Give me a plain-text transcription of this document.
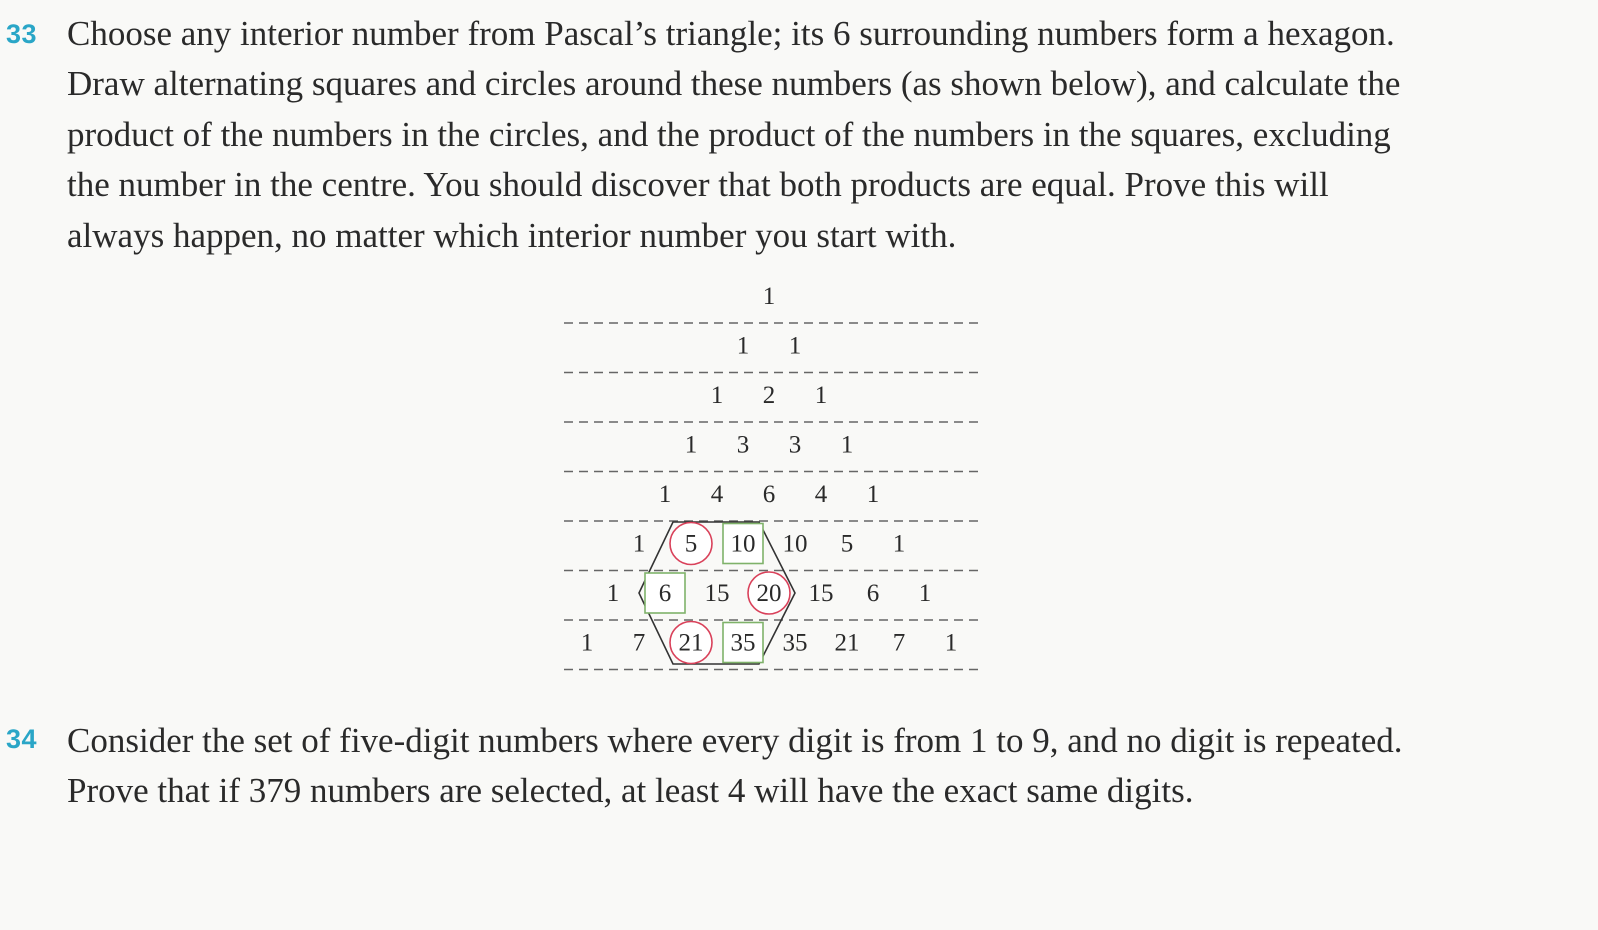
33 Choose any interior number from Pascal’s triangle; its 6 surrounding numbers form a hexagon.
Draw alternating squares and circles around these numbers (as shown below), and calculate the
product of the numbers in the circles, and the product of the numbers in the squares, excluding
the number in the centre. You should discover that both products are equal. Prove this will
always happen, no matter which interior number you start with.
1
1 1
1 2 1
1 3 3 1
1 4 6 4 1
1 5 10 10 5 1
1 6 15 20 15 6 1
1 7 21 35 35 21 7 1
34 Consider the set of five-digit numbers where every digit is from 1 to 9, and no digit is repeated.
Prove that if 379 numbers are selected, at least 4 will have the exact same digits.
